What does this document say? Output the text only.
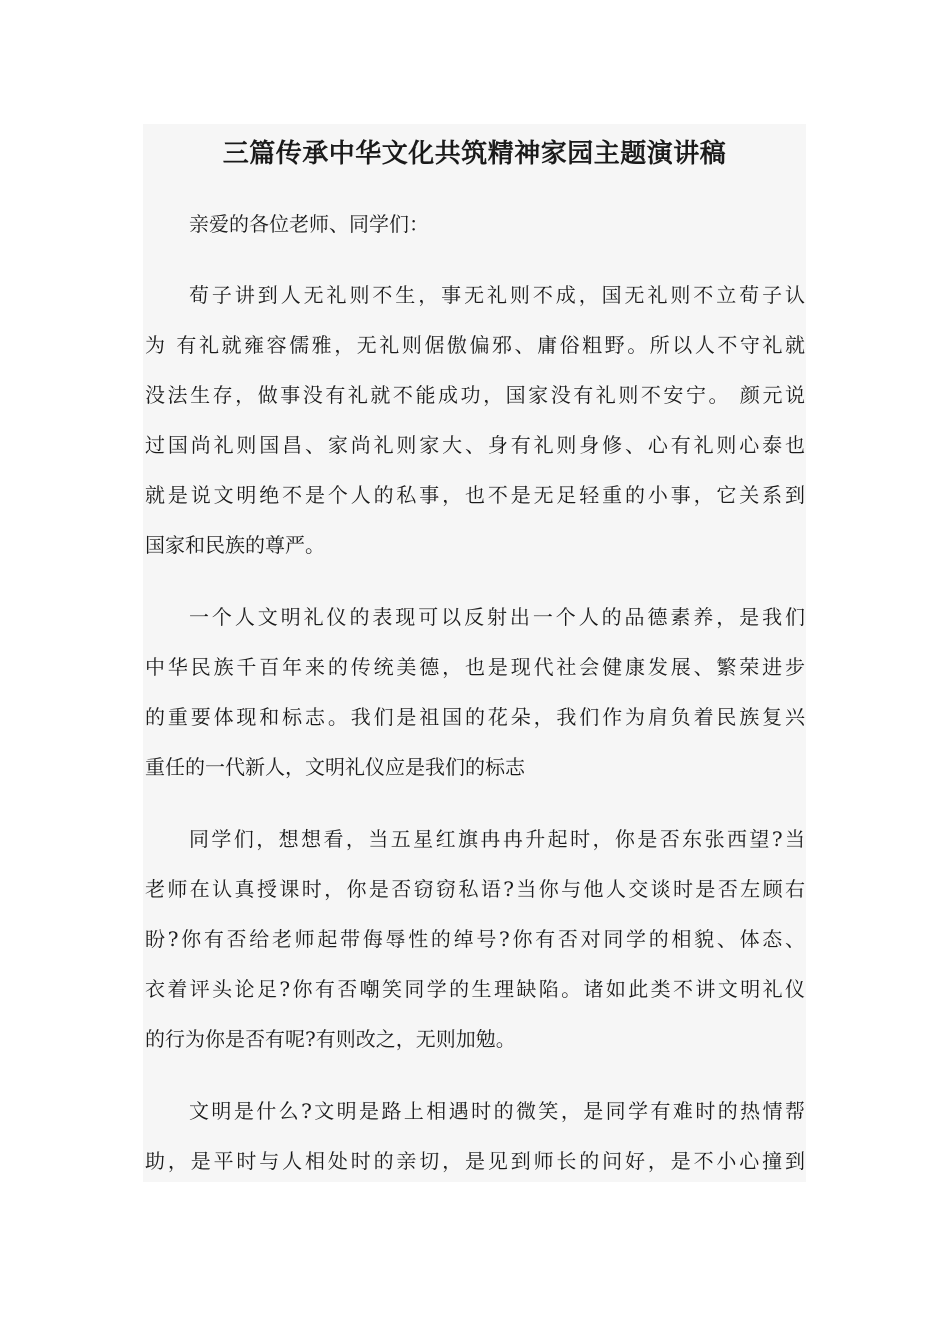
三篇传承中华文化共筑精神家园主题演讲稿
亲爱的各位老师、同学们：
荀子讲到人无礼则不生，事无礼则不成，国无礼则不立荀子认
为 有礼就雍容儒雅，无礼则倨傲偏邪、庸俗粗野。所以人不守礼就
没法生存，做事没有礼就不能成功，国家没有礼则不安宁。 颜元说
过国尚礼则国昌、家尚礼则家大、身有礼则身修、心有礼则心泰也
就是说文明绝不是个人的私事，也不是无足轻重的小事，它关系到
国家和民族的尊严。
一个人文明礼仪的表现可以反射出一个人的品德素养，是我们
中华民族千百年来的传统美德，也是现代社会健康发展、繁荣进步
的重要体现和标志。我们是祖国的花朵，我们作为肩负着民族复兴
重任的一代新人，文明礼仪应是我们的标志
同学们，想想看，当五星红旗冉冉升起时，你是否东张西望?当
老师在认真授课时，你是否窃窃私语?当你与他人交谈时是否左顾右
盼?你有否给老师起带侮辱性的绰号?你有否对同学的相貌、体态、
衣着评头论足?你有否嘲笑同学的生理缺陷。诸如此类不讲文明礼仪
的行为你是否有呢?有则改之，无则加勉。
文明是什么?文明是路上相遇时的微笑，是同学有难时的热情帮
助，是平时与人相处时的亲切，是见到师长的问好，是不小心撞到
